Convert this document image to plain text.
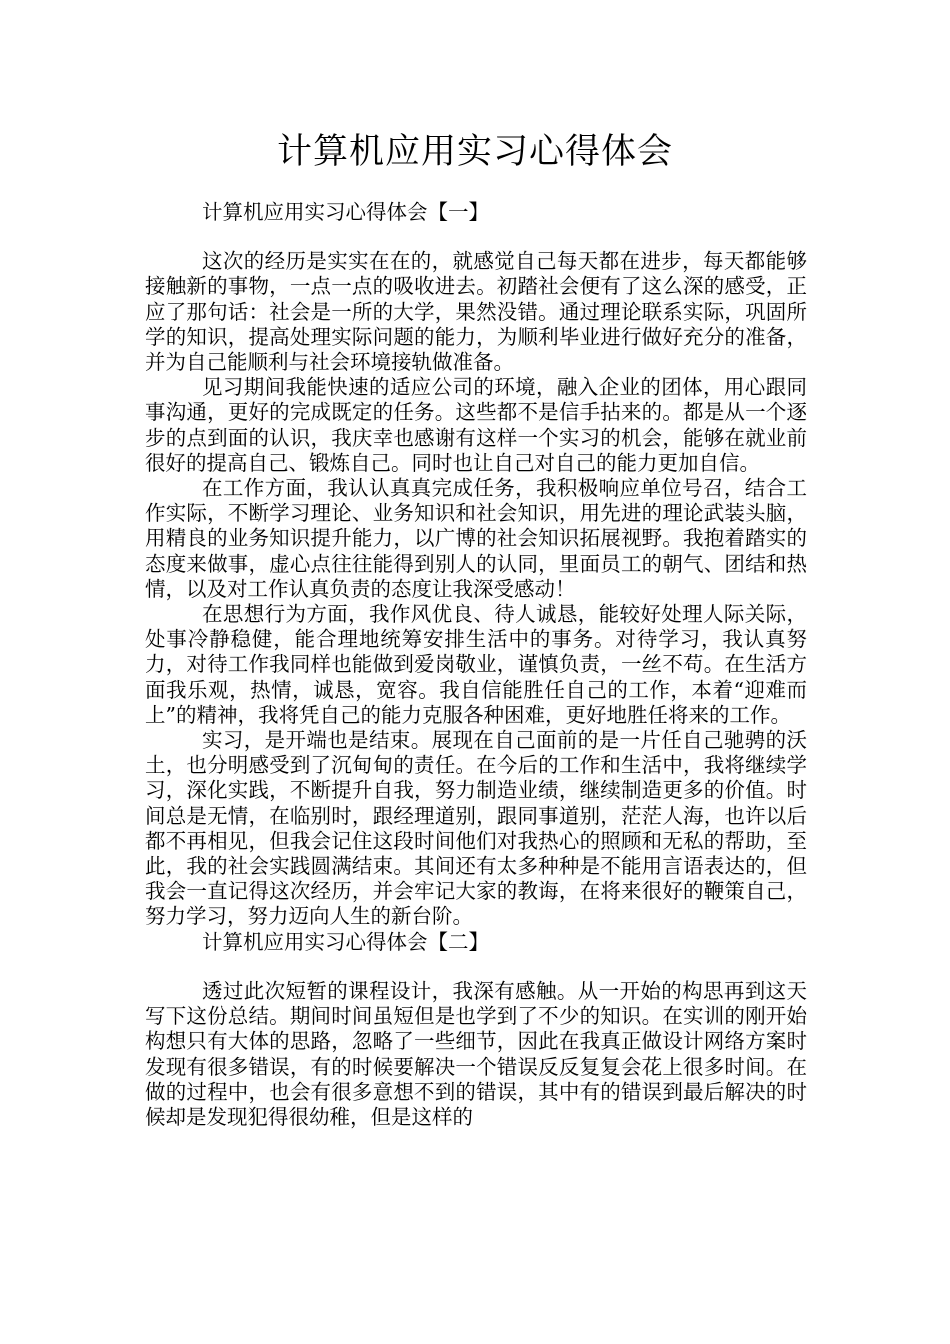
计算机应用实习心得体会
计算机应用实习心得体会【一】

这次的经历是实实在在的，就感觉自己每天都在进步，每天都能够接触新的事物，一点一点的吸收进去。初踏社会便有了这么深的感受，正应了那句话：社会是一所的大学，果然没错。通过理论联系实际，巩固所学的知识，提高处理实际问题的能力，为顺利毕业进行做好充分的准备，并为自己能顺利与社会环境接轨做准备。

见习期间我能快速的适应公司的环境，融入企业的团体，用心跟同事沟通，更好的完成既定的任务。这些都不是信手拈来的。都是从一个逐步的点到面的认识，我庆幸也感谢有这样一个实习的机会，能够在就业前很好的提高自己、锻炼自己。同时也让自己对自己的能力更加自信。

在工作方面，我认认真真完成任务，我积极响应单位号召，结合工作实际，不断学习理论、业务知识和社会知识，用先进的理论武装头脑，用精良的业务知识提升能力，以广博的社会知识拓展视野。我抱着踏实的态度来做事，虚心点往往能得到别人的认同，里面员工的朝气、团结和热情，以及对工作认真负责的态度让我深受感动！

在思想行为方面，我作风优良、待人诚恳，能较好处理人际关际，处事冷静稳健，能合理地统筹安排生活中的事务。对待学习，我认真努力，对待工作我同样也能做到爱岗敬业，谨慎负责，一丝不苟。在生活方面我乐观，热情，诚恳，宽容。我自信能胜任自己的工作，本着“迎难而上”的精神，我将凭自己的能力克服各种困难，更好地胜任将来的工作。

实习，是开端也是结束。展现在自己面前的是一片任自己驰骋的沃土，也分明感受到了沉甸甸的责任。在今后的工作和生活中，我将继续学习，深化实践，不断提升自我，努力制造业绩，继续制造更多的价值。时间总是无情，在临别时，跟经理道别，跟同事道别，茫茫人海，也许以后都不再相见，但我会记住这段时间他们对我热心的照顾和无私的帮助，至此，我的社会实践圆满结束。其间还有太多种种是不能用言语表达的，但我会一直记得这次经历，并会牢记大家的教诲，在将来很好的鞭策自己，努力学习，努力迈向人生的新台阶。

计算机应用实习心得体会【二】

透过此次短暂的课程设计，我深有感触。从一开始的构思再到这天写下这份总结。期间时间虽短但是也学到了不少的知识。在实训的刚开始构想只有大体的思路，忽略了一些细节，因此在我真正做设计网络方案时发现有很多错误，有的时候要解决一个错误反反复复会花上很多时间。在做的过程中，也会有很多意想不到的错误，其中有的错误到最后解决的时候却是发现犯得很幼稚，但是这样的
